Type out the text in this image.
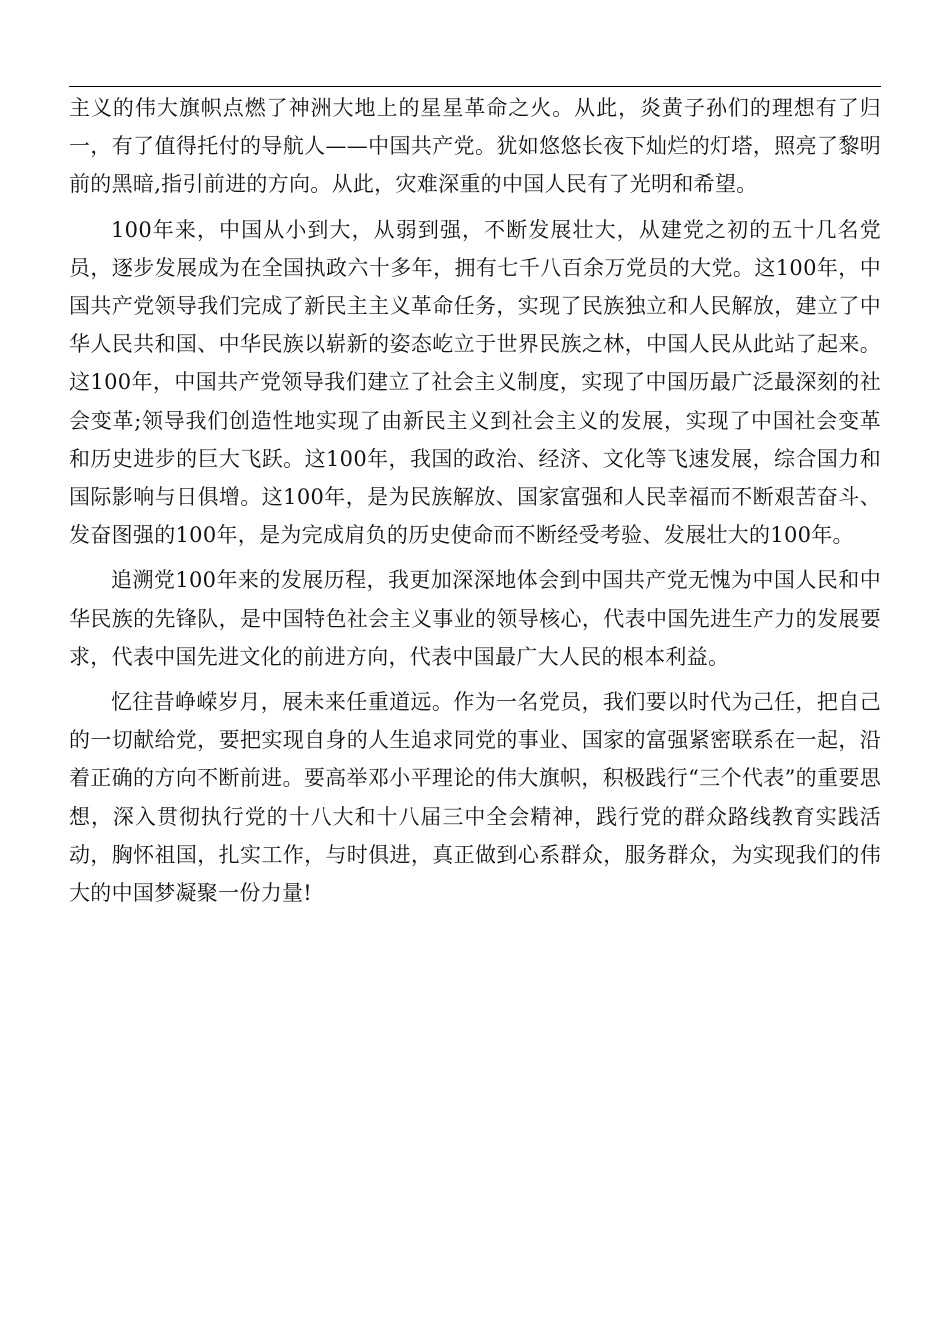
主义的伟大旗帜点燃了神洲大地上的星星革命之火。从此，炎黄子孙们的理想有了归一，有了值得托付的导航人——中国共产党。犹如悠悠长夜下灿烂的灯塔，照亮了黎明前的黑暗,指引前进的方向。从此，灾难深重的中国人民有了光明和希望。

100年来，中国从小到大，从弱到强，不断发展壮大，从建党之初的五十几名党员，逐步发展成为在全国执政六十多年，拥有七千八百余万党员的大党。这100年，中国共产党领导我们完成了新民主主义革命任务，实现了民族独立和人民解放，建立了中华人民共和国、中华民族以崭新的姿态屹立于世界民族之林，中国人民从此站了起来。这100年，中国共产党领导我们建立了社会主义制度，实现了中国历最广泛最深刻的社会变革;领导我们创造性地实现了由新民主义到社会主义的发展，实现了中国社会变革和历史进步的巨大飞跃。这100年，我国的政治、经济、文化等飞速发展，综合国力和国际影响与日俱增。这100年，是为民族解放、国家富强和人民幸福而不断艰苦奋斗、发奋图强的100年，是为完成肩负的历史使命而不断经受考验、发展壮大的100年。

追溯党100年来的发展历程，我更加深深地体会到中国共产党无愧为中国人民和中华民族的先锋队，是中国特色社会主义事业的领导核心，代表中国先进生产力的发展要求，代表中国先进文化的前进方向，代表中国最广大人民的根本利益。

忆往昔峥嵘岁月，展未来任重道远。作为一名党员，我们要以时代为己任，把自己的一切献给党，要把实现自身的人生追求同党的事业、国家的富强紧密联系在一起，沿着正确的方向不断前进。要高举邓小平理论的伟大旗帜，积极践行“三个代表”的重要思想，深入贯彻执行党的十八大和十八届三中全会精神，践行党的群众路线教育实践活动，胸怀祖国，扎实工作，与时俱进，真正做到心系群众，服务群众，为实现我们的伟大的中国梦凝聚一份力量!
